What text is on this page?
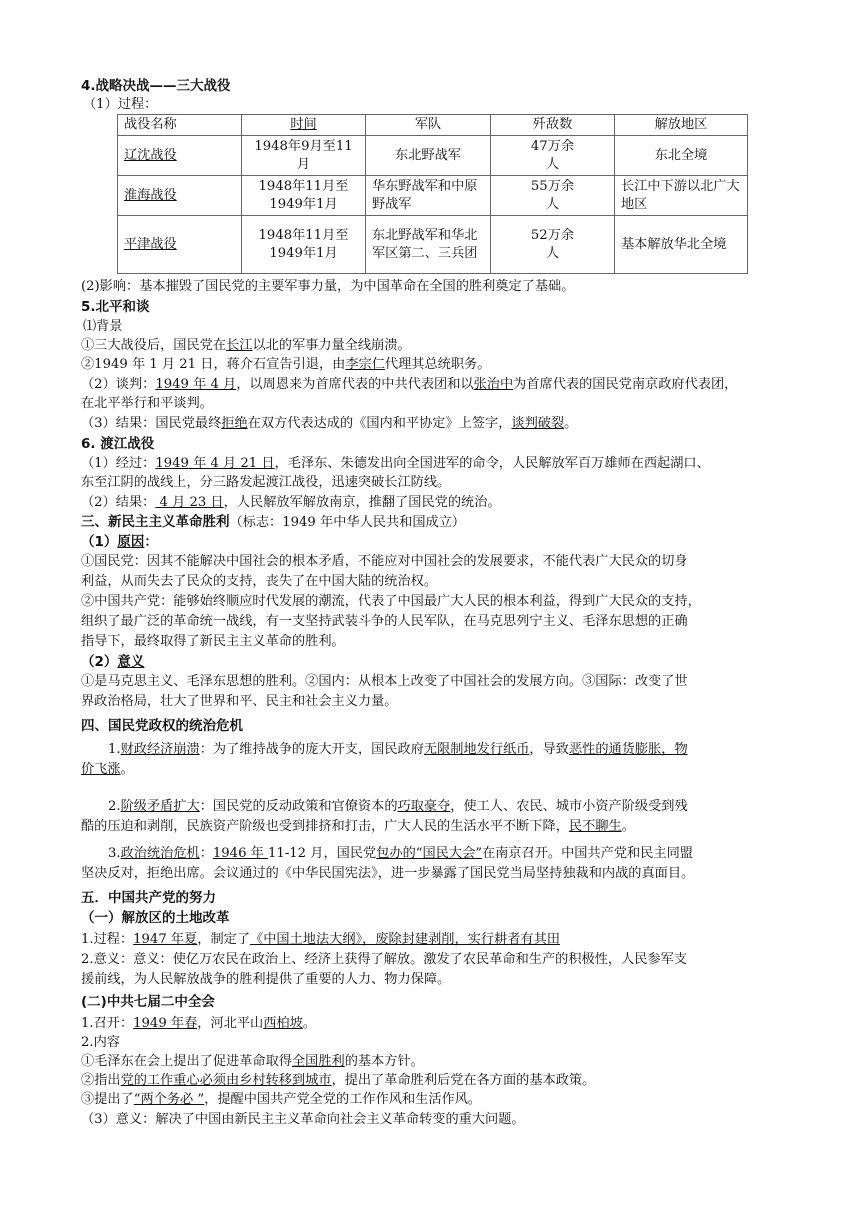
4.战略决战——三大战役
（1）过程：
战役名称	时间	军队	歼敌数	解放地区
辽沈战役	1948年9月至11月	东北野战军	47万余人	东北全境
淮海战役	1948年11月至1949年1月	华东野战军和中原野战军	55万余人	长江中下游以北广大地区
平津战役	1948年11月至1949年1月	东北野战军和华北军区第二、三兵团	52万余人	基本解放华北全境
(2)影响：基本摧毁了国民党的主要军事力量，为中国革命在全国的胜利奠定了基础。
5.北平和谈
⑴背景
①三大战役后，国民党在长江以北的军事力量全线崩溃。
②1949 年 1 月 21 日，蒋介石宣告引退，由李宗仁代理其总统职务。
（2）谈判：1949 年 4 月，以周恩来为首席代表的中共代表团和以张治中为首席代表的国民党南京政府代表团，
在北平举行和平谈判。
（3）结果：国民党最终拒绝在双方代表达成的《国内和平协定》上签字，谈判破裂。
6. 渡江战役
（1）经过：1949 年 4 月 21 日，毛泽东、朱德发出向全国进军的命令，人民解放军百万雄师在西起湖口、
东至江阴的战线上，分三路发起渡江战役，迅速突破长江防线。
（2）结果： 4 月 23 日，人民解放军解放南京，推翻了国民党的统治。
三、新民主主义革命胜利（标志：1949 年中华人民共和国成立）
（1）原因：
①国民党：因其不能解决中国社会的根本矛盾，不能应对中国社会的发展要求，不能代表广大民众的切身
利益，从而失去了民众的支持，丧失了在中国大陆的统治权。
②中国共产党：能够始终顺应时代发展的潮流，代表了中国最广大人民的根本利益，得到广大民众的支持，
组织了最广泛的革命统一战线，有一支坚持武装斗争的人民军队，在马克思列宁主义、毛泽东思想的正确
指导下，最终取得了新民主主义革命的胜利。
（2）意义
①是马克思主义、毛泽东思想的胜利。②国内：从根本上改变了中国社会的发展方向。③国际：改变了世
界政治格局，壮大了世界和平、民主和社会主义力量。
四、国民党政权的统治危机
1.财政经济崩溃：为了维持战争的庞大开支，国民政府无限制地发行纸币，导致恶性的通货膨胀，物
价飞涨。
2.阶级矛盾扩大：国民党的反动政策和官僚资本的巧取豪夺，使工人、农民、城市小资产阶级受到残
酷的压迫和剥削，民族资产阶级也受到排挤和打击，广大人民的生活水平不断下降，民不聊生。
3.政治统治危机：1946 年 11-12 月，国民党包办的“国民大会”在南京召开。中国共产党和民主同盟
坚决反对，拒绝出席。会议通过的《中华民国宪法》，进一步暴露了国民党当局坚持独裁和内战的真面目。
五．中国共产党的努力
（一）解放区的土地改革
1.过程：1947 年夏，制定了《中国土地法大纲》，废除封建剥削，实行耕者有其田
2.意义：意义：使亿万农民在政治上、经济上获得了解放。激发了农民革命和生产的积极性，人民参军支
援前线，为人民解放战争的胜利提供了重要的人力、物力保障。
(二)中共七届二中全会
1.召开：1949 年春，河北平山西柏坡。
2.内容
①毛泽东在会上提出了促进革命取得全国胜利的基本方针。
②指出党的工作重心必须由乡村转移到城市，提出了革命胜利后党在各方面的基本政策。
③提出了“两个务必 ”，提醒中国共产党全党的工作作风和生活作风。
（3）意义：解决了中国由新民主主义革命向社会主义革命转变的重大问题。
